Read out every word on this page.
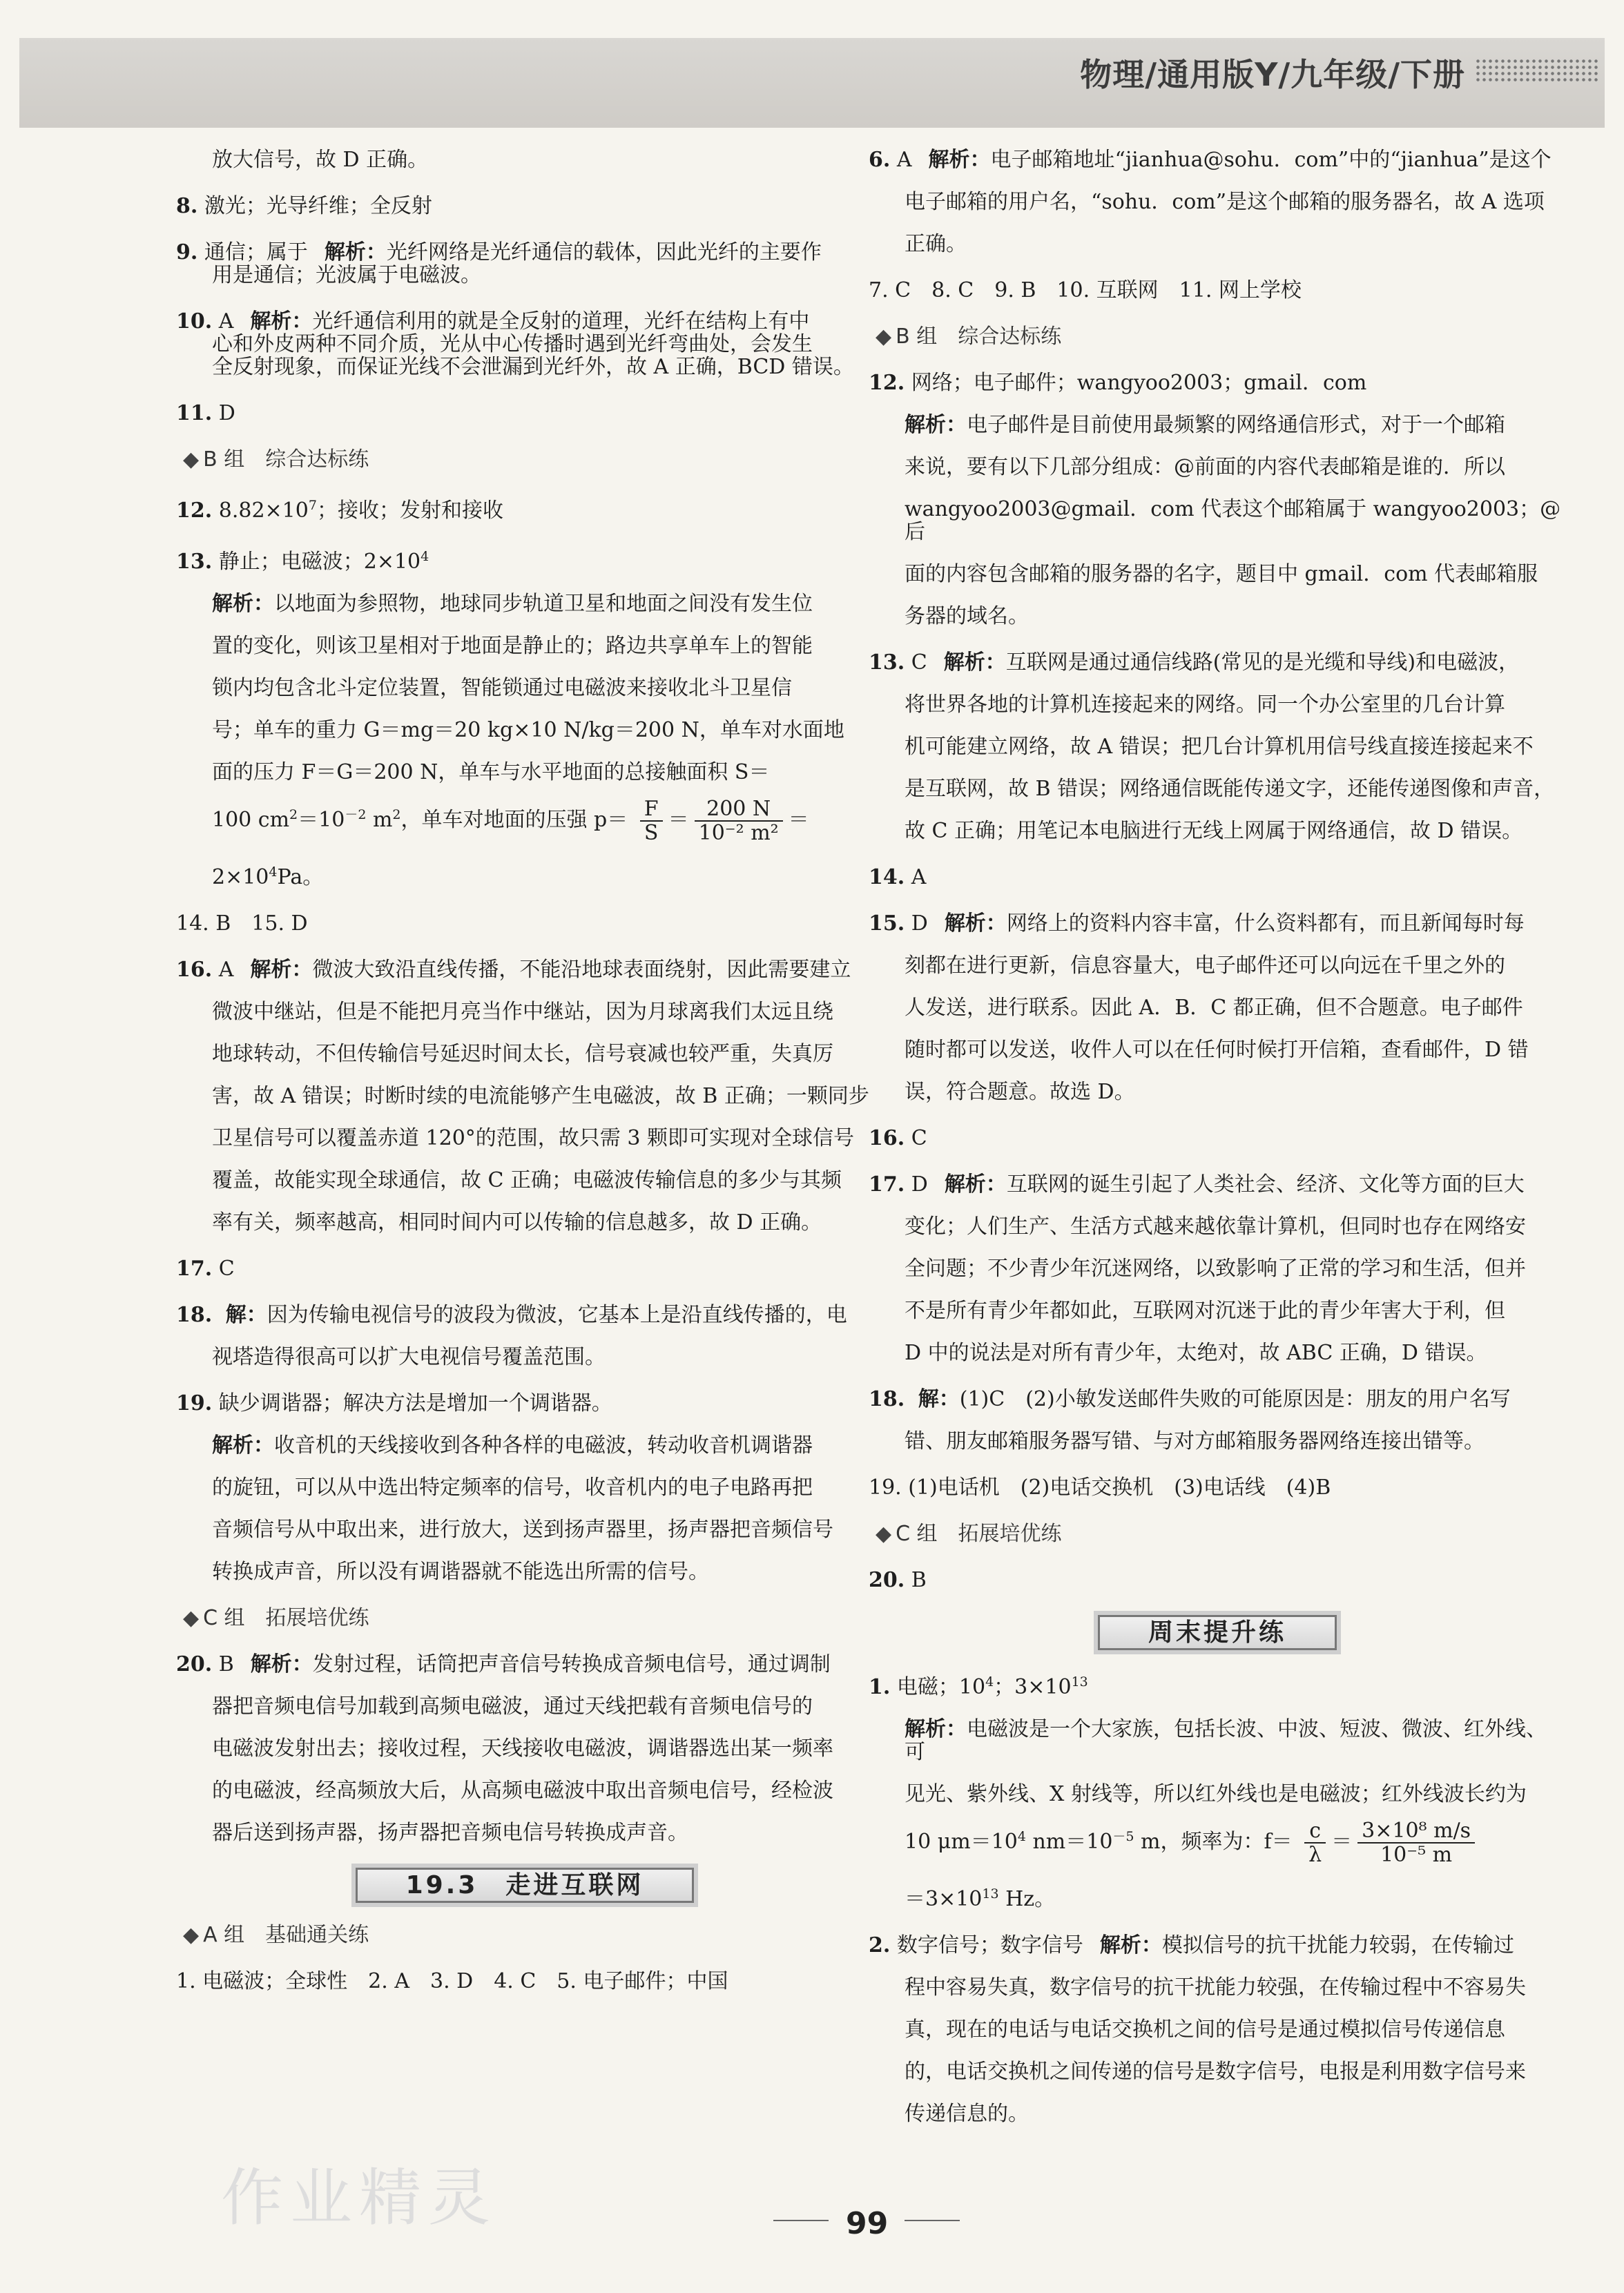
物理/通用版Y/九年级/下册
放大信号，故 D 正确。
8. 激光；光导纤维；全反射
9. 通信；属于 解析：光纤网络是光纤通信的载体，因此光纤的主要作
用是通信；光波属于电磁波。
10. A 解析：光纤通信利用的就是全反射的道理，光纤在结构上有中
心和外皮两种不同介质，光从中心传播时遇到光纤弯曲处，会发生
全反射现象，而保证光线不会泄漏到光纤外，故 A 正确，BCD 错误。
11. D
◆ B 组　综合达标练
12. $8.82\times 10^7$；接收；发射和接收
13. 静止；电磁波；$2\times 10^4$
解析：以地面为参照物，地球同步轨道卫星和地面之间没有发生位
置的变化，则该卫星相对于地面是静止的；路边共享单车上的智能
锁内均包含北斗定位装置，智能锁通过电磁波来接收北斗卫星信
号；单车的重力 G＝mg＝20 kg×10 N/kg＝200 N，单车对水面地
面的压力 F＝G＝200 N，单车与水平地面的总接触面积 S＝
100 $cm^2=10^{-2}$ $m^2$，单车对地面的压强 $p= \frac{F}{S} = \frac{200 N}{\text{10⁻² m²}}$ ＝
$2\times 10^4Pa$。
14. B　15. D
16. A 解析：微波大致沿直线传播，不能沿地球表面绕射，因此需要建立
微波中继站，但是不能把月亮当作中继站，因为月球离我们太远且绕
地球转动，不但传输信号延迟时间太长，信号衰减也较严重，失真厉
害，故 A 错误；时断时续的电流能够产生电磁波，故 B 正确；一颗同步
卫星信号可以覆盖赤道 120°的范围，故只需 3 颗即可实现对全球信号
覆盖，故能实现全球通信，故 C 正确；电磁波传输信息的多少与其频
率有关，频率越高，相同时间内可以传输的信息越多，故 D 正确。
17. C
18. 解：因为传输电视信号的波段为微波，它基本上是沿直线传播的，电
视塔造得很高可以扩大电视信号覆盖范围。
19. 缺少调谐器；解决方法是增加一个调谐器。
解析：收音机的天线接收到各种各样的电磁波，转动收音机调谐器
的旋钮，可以从中选出特定频率的信号，收音机内的电子电路再把
音频信号从中取出来，进行放大，送到扬声器里，扬声器把音频信号
转换成声音，所以没有调谐器就不能选出所需的信号。
◆ C 组　拓展培优练
20. B 解析：发射过程，话筒把声音信号转换成音频电信号，通过调制
器把音频电信号加载到高频电磁波，通过天线把载有音频电信号的
电磁波发射出去；接收过程，天线接收电磁波，调谐器选出某一频率
的电磁波，经高频放大后，从高频电磁波中取出音频电信号，经检波
器后送到扬声器，扬声器把音频电信号转换成声音。
19.3　走进互联网
◆ A 组　基础通关练
1. 电磁波；全球性　2. A　3. D　4. C　5. 电子邮件；中国
6. A 解析：电子邮箱地址“jianhua@sohu．com”中的“jianhua”是这个
电子邮箱的用户名，“sohu．com”是这个邮箱的服务器名，故 A 选项
正确。
7. C　8. C　9. B　10. 互联网　11. 网上学校
◆ B 组　综合达标练
12. 网络；电子邮件；wangyoo2003；gmail．com
解析：电子邮件是目前使用最频繁的网络通信形式，对于一个邮箱
来说，要有以下几部分组成：@前面的内容代表邮箱是谁的．所以
wangyoo2003@gmail．com 代表这个邮箱属于 wangyoo2003；@后
面的内容包含邮箱的服务器的名字，题目中 gmail．com 代表邮箱服
务器的域名。
13. C 解析：互联网是通过通信线路(常见的是光缆和导线)和电磁波，
将世界各地的计算机连接起来的网络。同一个办公室里的几台计算
机可能建立网络，故 A 错误；把几台计算机用信号线直接连接起来不
是互联网，故 B 错误；网络通信既能传递文字，还能传递图像和声音，
故 C 正确；用笔记本电脑进行无线上网属于网络通信，故 D 错误。
14. A
15. D 解析：网络上的资料内容丰富，什么资料都有，而且新闻每时每
刻都在进行更新，信息容量大，电子邮件还可以向远在千里之外的
人发送，进行联系。因此 A．B．C 都正确，但不合题意。电子邮件
随时都可以发送，收件人可以在任何时候打开信箱，查看邮件，D 错
误，符合题意。故选 D。
16. C
17. D 解析：互联网的诞生引起了人类社会、经济、文化等方面的巨大
变化；人们生产、生活方式越来越依靠计算机，但同时也存在网络安
全问题；不少青少年沉迷网络，以致影响了正常的学习和生活，但并
不是所有青少年都如此，互联网对沉迷于此的青少年害大于利，但
D 中的说法是对所有青少年，太绝对，故 ABC 正确，D 错误。
18. 解：(1)C　(2)小敏发送邮件失败的可能原因是：朋友的用户名写
错、朋友邮箱服务器写错、与对方邮箱服务器网络连接出错等。
19. (1)电话机　(2)电话交换机　(3)电话线　(4)B
◆ C 组　拓展培优练
20. B
周末提升练
1. 电磁；$10^4$；$3\times 10^{13}$
解析：电磁波是一个大家族，包括长波、中波、短波、微波、红外线、可
见光、紫外线、X 射线等，所以红外线也是电磁波；红外线波长约为
10 $\mu m=10^4$ $nm=10^{-5}$ m，频率为：$f= \frac{c}{\lambda} = \frac{\text{3×10⁸ m/s}}{\text{10⁻⁵ m}}$
$=3\times 10^{13}$ Hz。
2. 数字信号；数字信号 解析：模拟信号的抗干扰能力较弱，在传输过
程中容易失真，数字信号的抗干扰能力较强，在传输过程中不容易失
真，现在的电话与电话交换机之间的信号是通过模拟信号传递信息
的，电话交换机之间传递的信号是数字信号，电报是利用数字信号来
传递信息的。
作业精灵	99
